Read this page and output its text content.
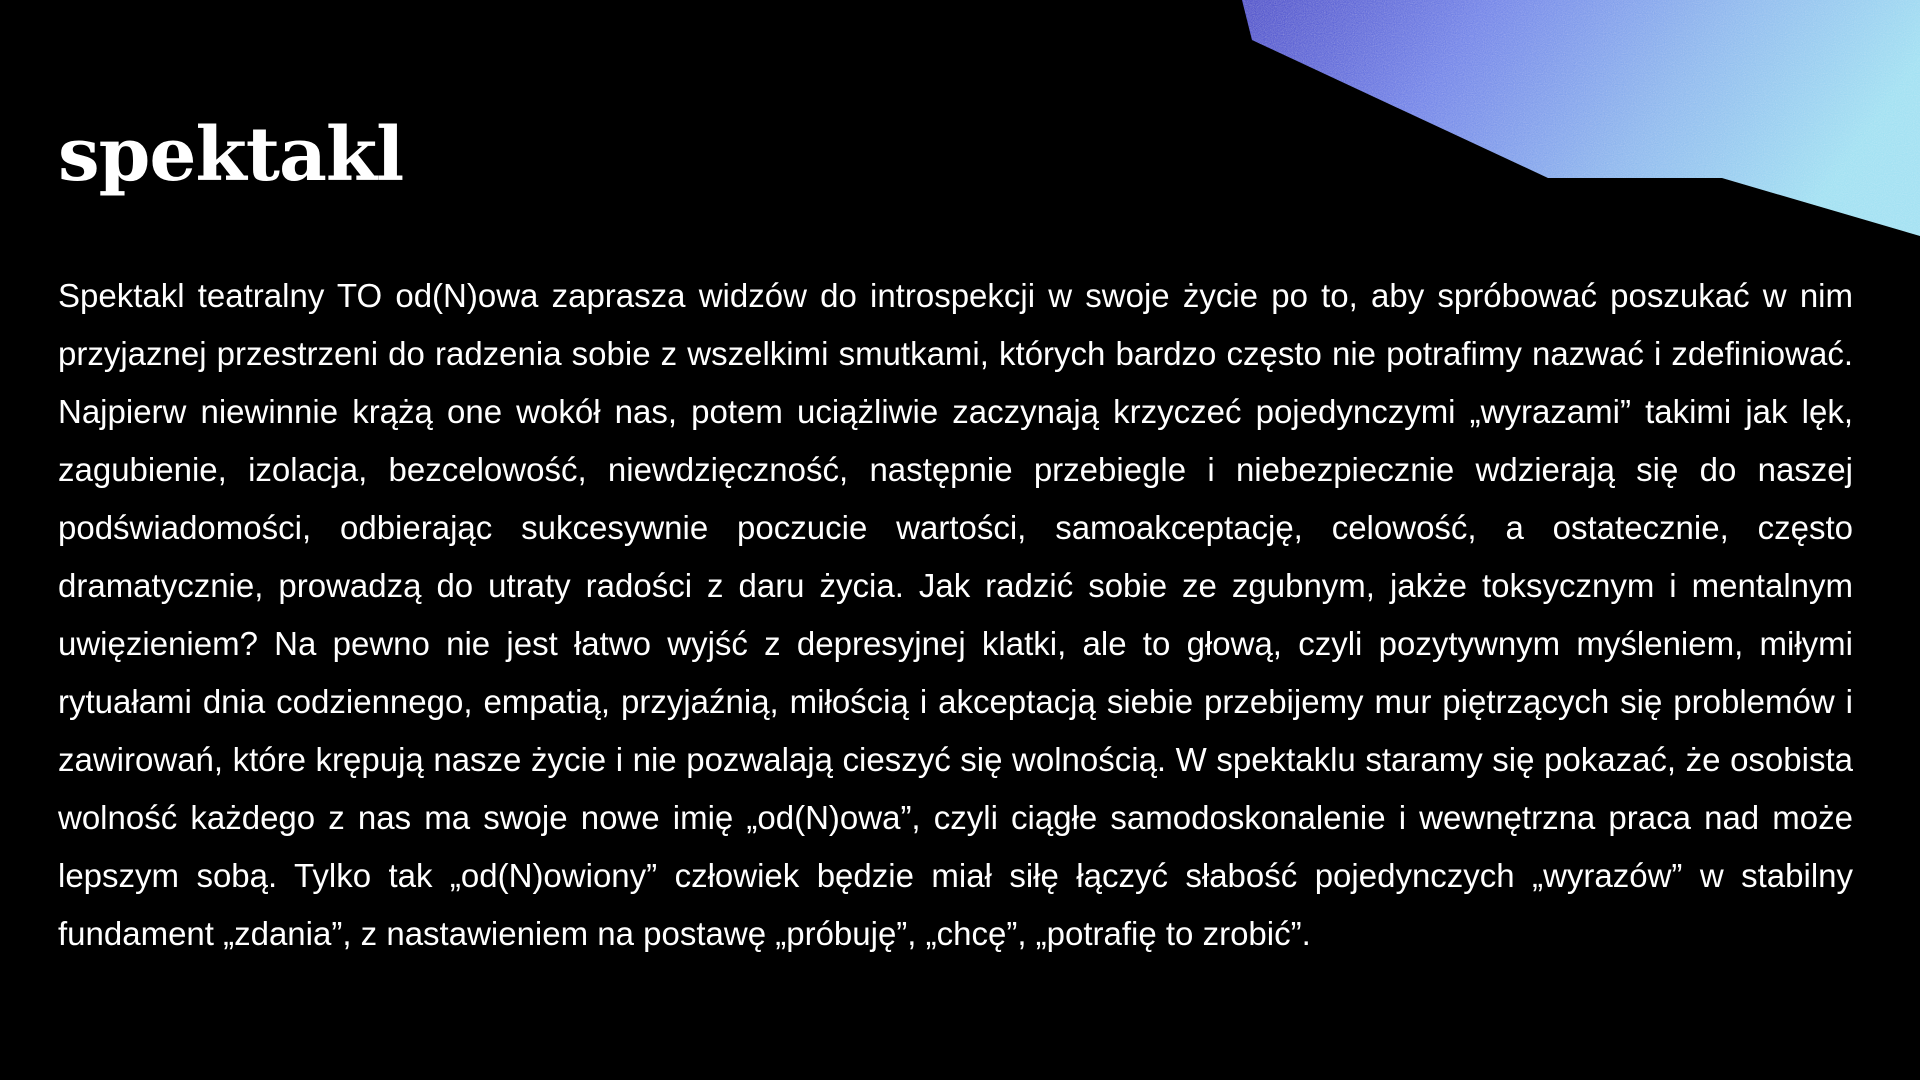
spektakl

Spektakl teatralny TO od(N)owa zaprasza widzów do introspekcji w swoje życie po to, aby spróbować poszukać w nim przyjaznej przestrzeni do radzenia sobie z wszelkimi smutkami, których bardzo często nie potrafimy nazwać i zdefiniować. Najpierw niewinnie krążą one wokół nas, potem uciążliwie zaczynają krzyczeć pojedynczymi „wyrazami” takimi jak lęk, zagubienie, izolacja, bezcelowość, niewdzięczność, następnie przebiegle i niebezpiecznie wdzierają się do naszej podświadomości, odbierając sukcesywnie poczucie wartości, samoakceptację, celowość, a ostatecznie, często dramatycznie, prowadzą do utraty radości z daru życia. Jak radzić sobie ze zgubnym, jakże toksycznym i mentalnym uwięzieniem? Na pewno nie jest łatwo wyjść z depresyjnej klatki, ale to głową, czyli pozytywnym myśleniem, miłymi rytuałami dnia codziennego, empatią, przyjaźnią, miłością i akceptacją siebie przebijemy mur piętrzących się problemów i zawirowań, które krępują nasze życie i nie pozwalają cieszyć się wolnością. W spektaklu staramy się pokazać, że osobista wolność każdego z nas ma swoje nowe imię „od(N)owa”, czyli ciągłe samodoskonalenie i wewnętrzna praca nad może lepszym sobą. Tylko tak „od(N)owiony” człowiek będzie miał siłę łączyć słabość pojedynczych „wyrazów” w stabilny fundament „zdania”, z nastawieniem na postawę „próbuję”, „chcę”, „potrafię to zrobić”.
